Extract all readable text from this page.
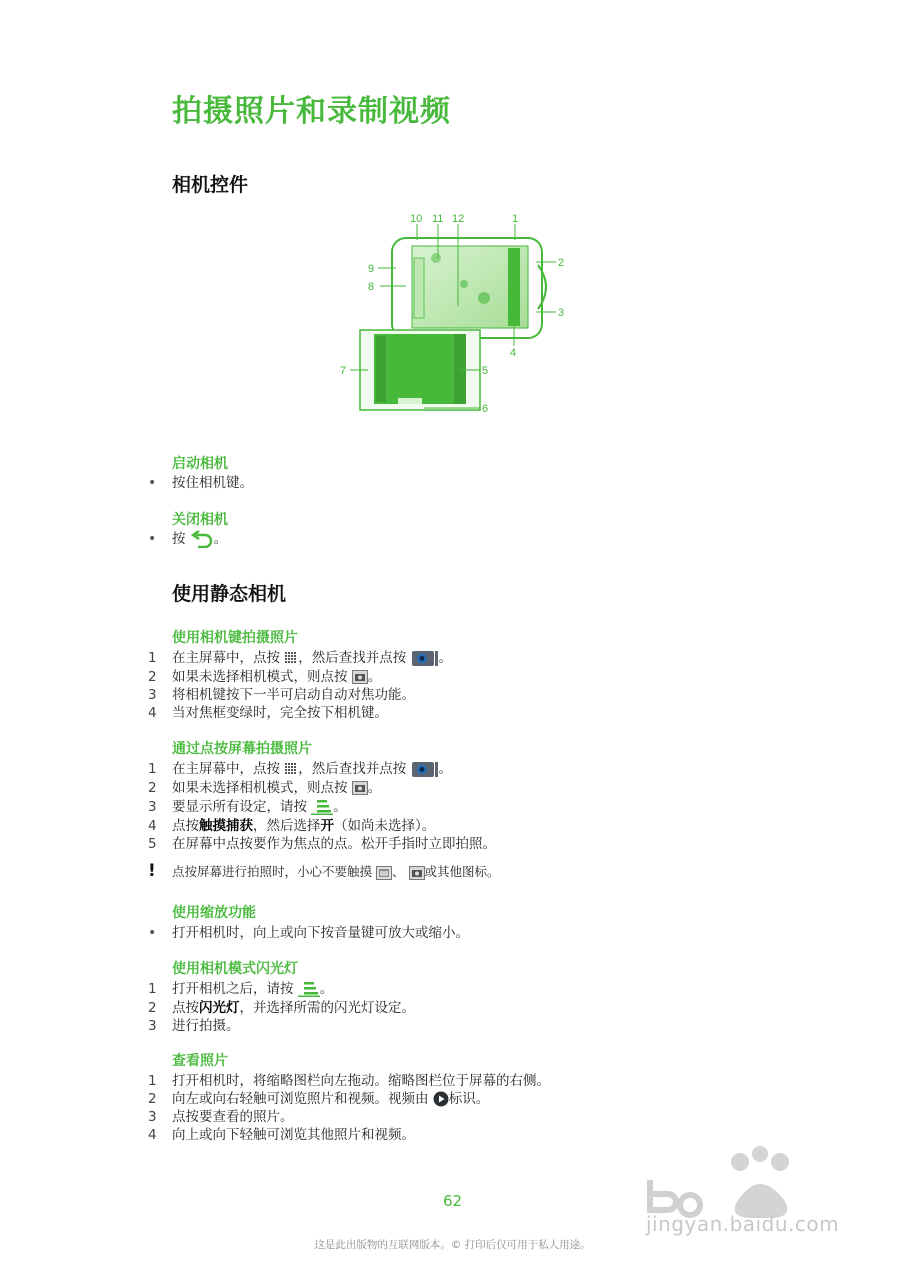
拍摄照片和录制视频
相机控件
10 11 12	1
9	2
8
3
4
7	5
6
启动相机
• 按住相机键。
关闭相机
• 按 。
使用静态相机
使用相机键拍摄照片
1 在主屏幕中，点按 ，然后查找并点按 。
2 如果未选择相机模式，则点按 。
3 将相机键按下一半可启动自动对焦功能。
4 当对焦框变绿时，完全按下相机键。
通过点按屏幕拍摄照片
1 在主屏幕中，点按 ，然后查找并点按 。
2 如果未选择相机模式，则点按 。
3 要显示所有设定，请按 。
4 点按触摸捕获，然后选择开（如尚未选择）。
5 在屏幕中点按要作为焦点的点。松开手指时立即拍照。
! 点按屏幕进行拍照时，小心不要触摸 、 或其他图标。
使用缩放功能
• 打开相机时，向上或向下按音量键可放大或缩小。
使用相机模式闪光灯
1 打开相机之后，请按 。
2 点按闪光灯，并选择所需的闪光灯设定。
3 进行拍摄。
查看照片
1 打开相机时，将缩略图栏向左拖动。缩略图栏位于屏幕的右侧。
2 向左或向右轻触可浏览照片和视频。视频由 标识。
3 点按要查看的照片。
4 向上或向下轻触可浏览其他照片和视频。
62
这是此出版物的互联网版本。© 打印后仅可用于私人用途。
jingyan.baidu.com
